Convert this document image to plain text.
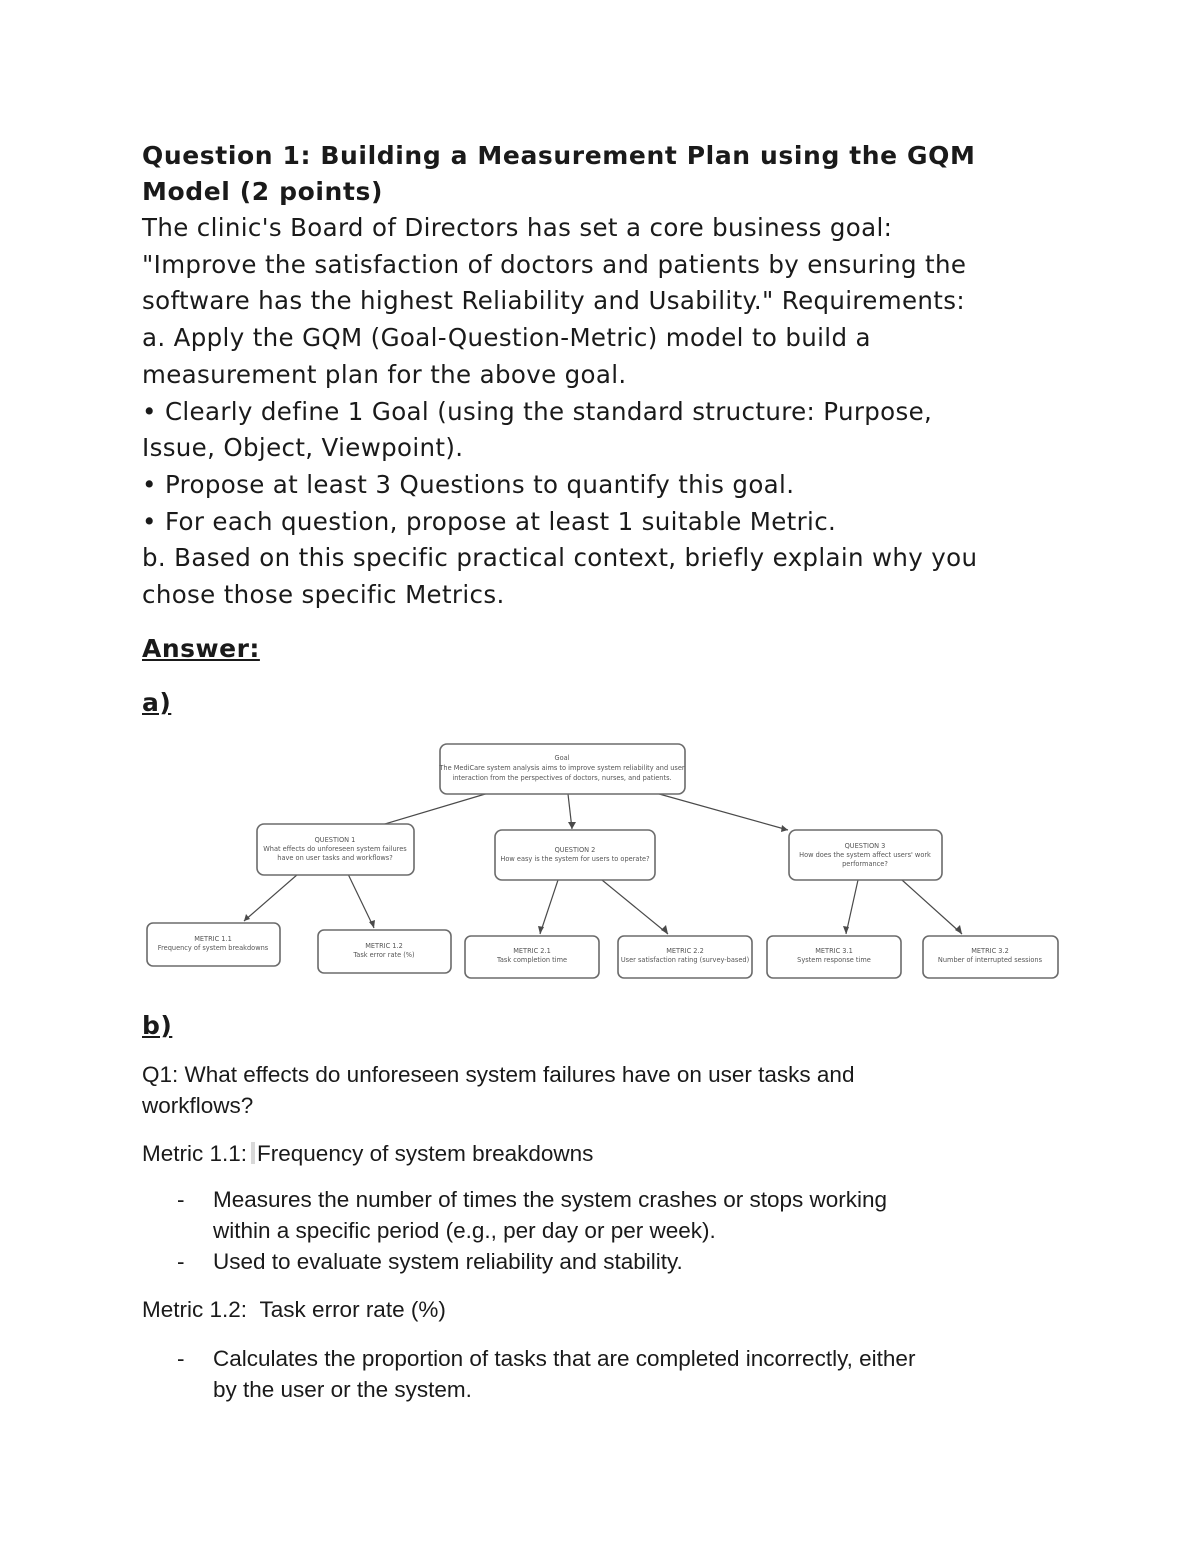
Question 1: Building a Measurement Plan using the GQM
Model (2 points)
The clinic's Board of Directors has set a core business goal:
"Improve the satisfaction of doctors and patients by ensuring the
software has the highest Reliability and Usability." Requirements:
a. Apply the GQM (Goal-Question-Metric) model to build a
measurement plan for the above goal.
• Clearly define 1 Goal (using the standard structure: Purpose,
Issue, Object, Viewpoint).
• Propose at least 3 Questions to quantify this goal.
• For each question, propose at least 1 suitable Metric.
b. Based on this specific practical context, briefly explain why you
chose those specific Metrics.
Answer:
a)
Goal
The MediCare system analysis aims to improve system reliability and user
interaction from the perspectives of doctors, nurses, and patients.
QUESTION 1
What effects do unforeseen system failures
have on user tasks and workflows?
QUESTION 2
How easy is the system for users to operate?
QUESTION 3
How does the system affect users' work
performance?
METRIC 1.1
Frequency of system breakdowns	METRIC 1.2
Task error rate (%)	METRIC 2.1
Task completion time
METRIC 2.2
User satisfaction rating (survey-based)
METRIC 3.1
System response time
METRIC 3.2
Number of interrupted sessions
b)
Q1: What effects do unforeseen system failures have on user tasks and
workflows?
Metric 1.1: Frequency of system breakdowns
- Measures the number of times the system crashes or stops working
within a specific period (e.g., per day or per week).
- Used to evaluate system reliability and stability.
Metric 1.2: Task error rate (%)
- Calculates the proportion of tasks that are completed incorrectly, either
by the user or the system.
